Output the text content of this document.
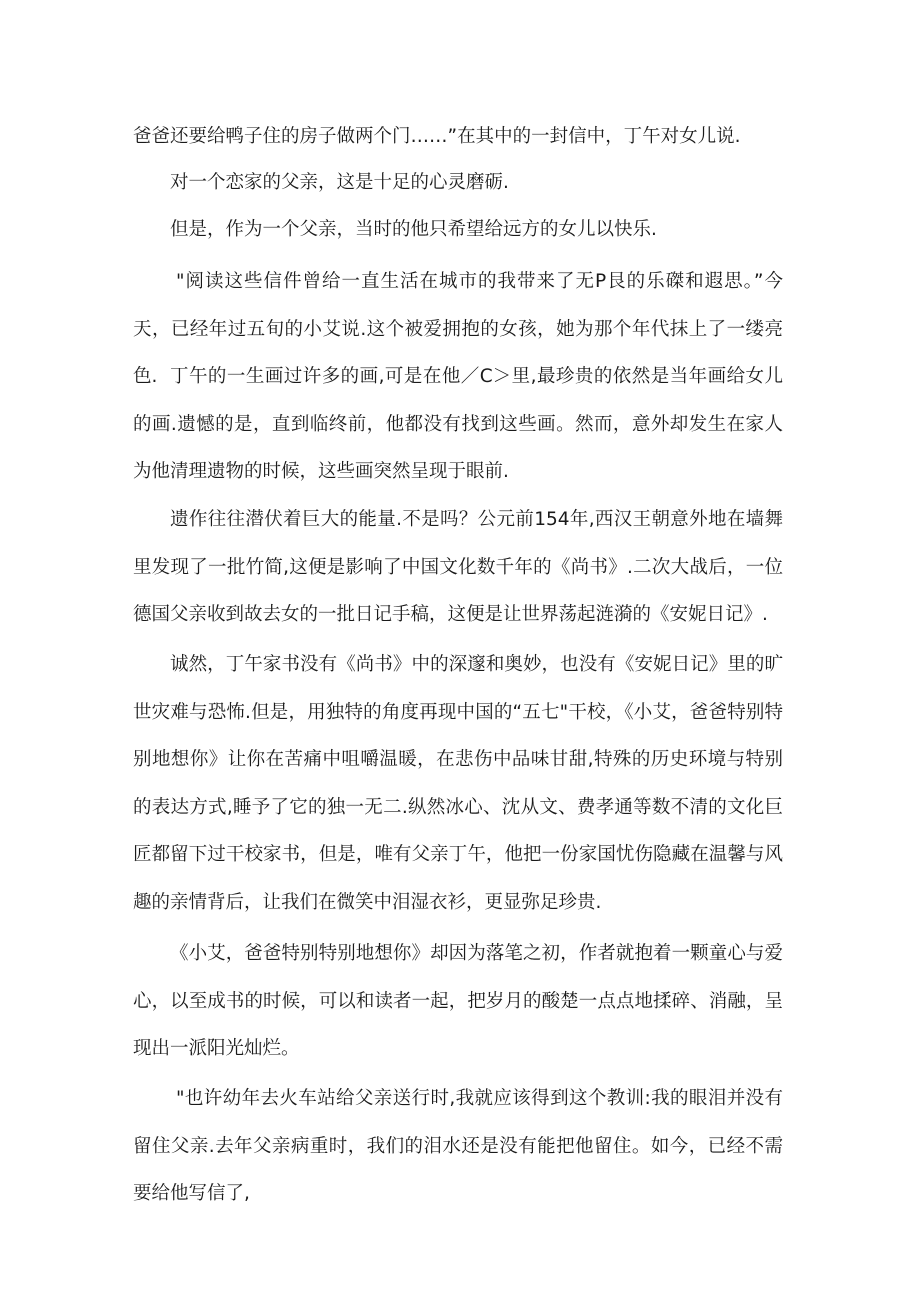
爸爸还要给鸭子住的房子做两个门……”在其中的一封信中，丁午对女儿说.

对一个恋家的父亲，这是十足的心灵磨砺.

但是，作为一个父亲，当时的他只希望给远方的女儿以快乐.

"阅读这些信件曾给一直生活在城市的我带来了无P艮的乐磔和遐思。”今天，已经年过五旬的小艾说.这个被爱拥抱的女孩，她为那个年代抹上了一缕亮色. 丁午的一生画过许多的画,可是在他／C＞里,最珍贵的依然是当年画给女儿的画.遗憾的是，直到临终前，他都没有找到这些画。然而，意外却发生在家人为他清理遗物的时候，这些画突然呈现于眼前.

遗作往往潜伏着巨大的能量.不是吗？公元前154年,西汉王朝意外地在墙舞里发现了一批竹简,这便是影响了中国文化数千年的《尚书》.二次大战后，一位德国父亲收到故去女的一批日记手稿，这便是让世界荡起涟漪的《安妮日记》.

诚然，丁午家书没有《尚书》中的深邃和奥妙，也没有《安妮日记》里的旷世灾难与恐怖.但是，用独特的角度再现中国的“五七"干校，《小艾，爸爸特别特别地想你》让你在苦痛中咀嚼温暖，在悲伤中品味甘甜,特殊的历史环境与特别的表达方式,睡予了它的独一无二.纵然冰心、沈从文、费孝通等数不清的文化巨匠都留下过干校家书，但是，唯有父亲丁午，他把一份家国忧伤隐藏在温馨与风趣的亲情背后，让我们在微笑中泪湿衣衫，更显弥足珍贵.

《小艾，爸爸特别特别地想你》却因为落笔之初，作者就抱着一颗童心与爱心，以至成书的时候，可以和读者一起，把岁月的酸楚一点点地揉碎、消融，呈现出一派阳光灿烂。

"也许幼年去火车站给父亲送行时,我就应该得到这个教训:我的眼泪并没有留住父亲.去年父亲病重时，我们的泪水还是没有能把他留住。如今，已经不需要给他写信了,
